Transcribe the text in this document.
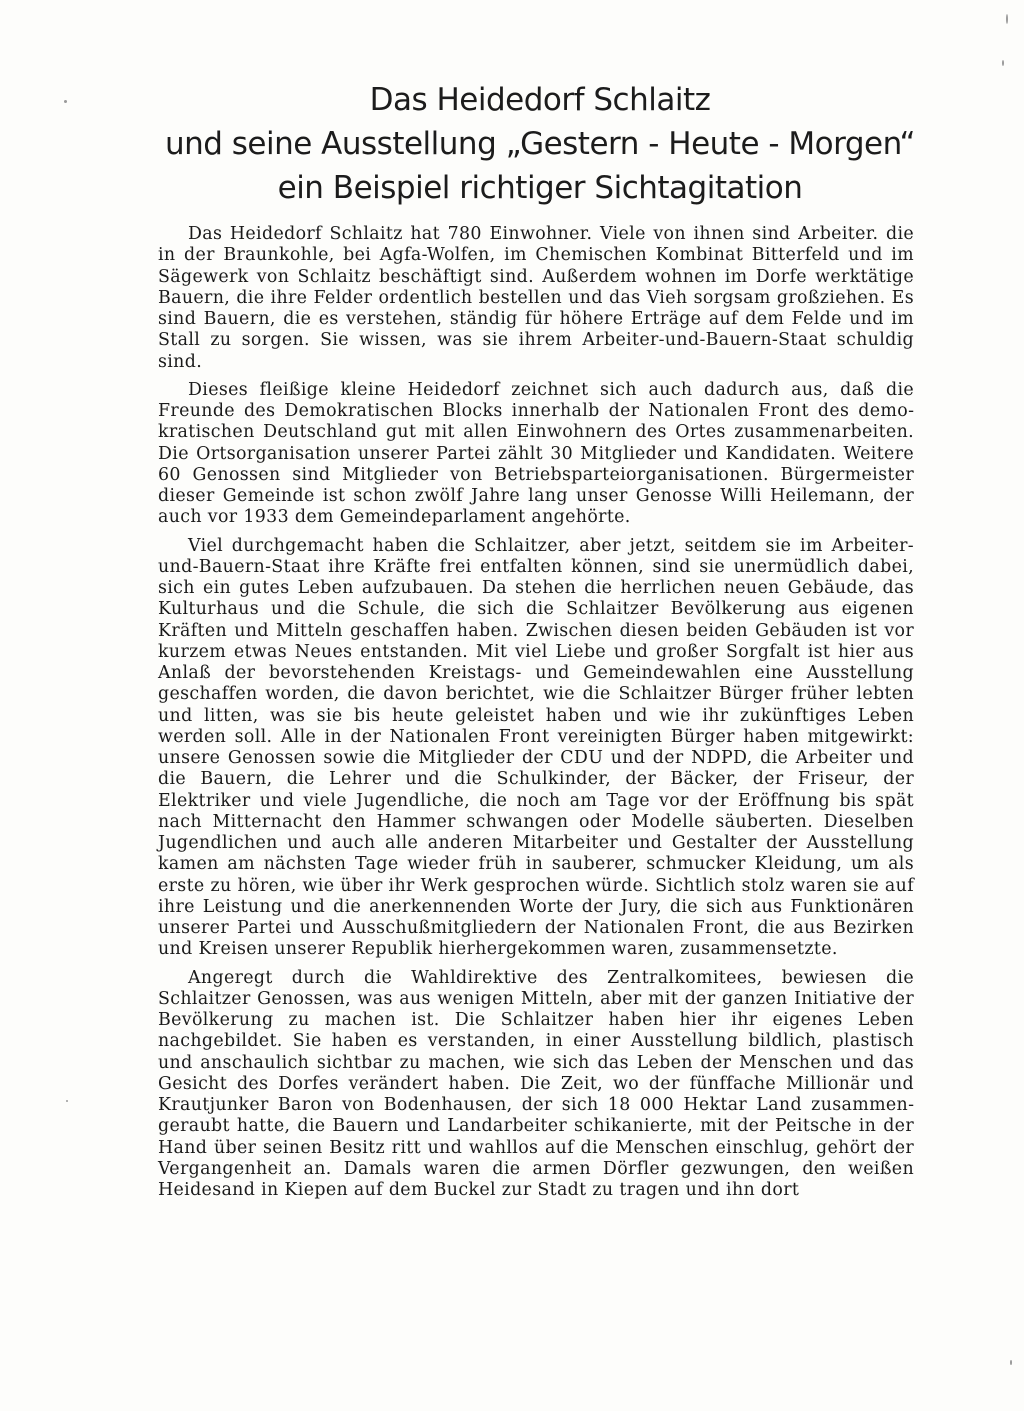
Das Heidedorf Schlaitz
und seine Ausstellung „Gestern - Heute - Morgen“
ein Beispiel richtiger Sichtagitation

Das Heidedorf Schlaitz hat 780 Einwohner. Viele von ihnen sind Arbeiter. die in der Braunkohle, bei Agfa-Wolfen, im Chemischen Kombinat Bitterfeld und im Sägewerk von Schlaitz beschäftigt sind. Außerdem wohnen im Dorfe werktätige Bauern, die ihre Felder ordentlich bestellen und das Vieh sorgsam großziehen. Es sind Bauern, die es verstehen, ständig für höhere Erträge auf dem Felde und im Stall zu sorgen. Sie wissen, was sie ihrem Arbeiter-und-Bauern-Staat schuldig sind.

Dieses fleißige kleine Heidedorf zeichnet sich auch dadurch aus, daß die Freunde des Demokratischen Blocks innerhalb der Nationalen Front des demokratischen Deutschland gut mit allen Einwohnern des Ortes zusammenarbeiten. Die Ortsorganisation unserer Partei zählt 30 Mitglieder und Kandidaten. Weitere 60 Genossen sind Mitglieder von Betriebsparteiorganisationen. Bürgermeister dieser Gemeinde ist schon zwölf Jahre lang unser Genosse Willi Heilemann, der auch vor 1933 dem Gemeindeparlament angehörte.

Viel durchgemacht haben die Schlaitzer, aber jetzt, seitdem sie im Arbeiter-und-Bauern-Staat ihre Kräfte frei entfalten können, sind sie unermüdlich dabei, sich ein gutes Leben aufzubauen. Da stehen die herrlichen neuen Gebäude, das Kulturhaus und die Schule, die sich die Schlaitzer Bevölkerung aus eigenen Kräften und Mitteln geschaffen haben. Zwischen diesen beiden Gebäuden ist vor kurzem etwas Neues entstanden. Mit viel Liebe und großer Sorgfalt ist hier aus Anlaß der bevorstehenden Kreistags- und Gemeindewahlen eine Ausstellung geschaffen worden, die davon berichtet, wie die Schlaitzer Bürger früher lebten und litten, was sie bis heute geleistet haben und wie ihr zukünftiges Leben werden soll. Alle in der Nationalen Front vereinigten Bürger haben mitgewirkt: unsere Genossen sowie die Mitglieder der CDU und der NDPD, die Arbeiter und die Bauern, die Lehrer und die Schulkinder, der Bäcker, der Friseur, der Elektriker und viele Jugendliche, die noch am Tage vor der Eröffnung bis spät nach Mitternacht den Hammer schwangen oder Modelle säuberten. Dieselben Jugendlichen und auch alle anderen Mitarbeiter und Gestalter der Ausstellung kamen am nächsten Tage wieder früh in sauberer, schmucker Kleidung, um als erste zu hören, wie über ihr Werk gesprochen würde. Sichtlich stolz waren sie auf ihre Leistung und die anerkennenden Worte der Jury, die sich aus Funktionären unserer Partei und Ausschußmitgliedern der Nationalen Front, die aus Bezirken und Kreisen unserer Republik hierhergekommen waren, zusammensetzte.

Angeregt durch die Wahldirektive des Zentralkomitees, bewiesen die Schlaitzer Genossen, was aus wenigen Mitteln, aber mit der ganzen Initiative der Bevölkerung zu machen ist. Die Schlaitzer haben hier ihr eigenes Leben nachgebildet. Sie haben es verstanden, in einer Ausstellung bildlich, plastisch und anschaulich sichtbar zu machen, wie sich das Leben der Menschen und das Gesicht des Dorfes verändert haben. Die Zeit, wo der fünffache Millionär und Krautjunker Baron von Bodenhausen, der sich 18 000 Hektar Land zusammengeraubt hatte, die Bauern und Landarbeiter schikanierte, mit der Peitsche in der Hand über seinen Besitz ritt und wahllos auf die Menschen einschlug, gehört der Vergangenheit an. Damals waren die armen Dörfler gezwungen, den weißen Heidesand in Kiepen auf dem Buckel zur Stadt zu tragen und ihn dort
